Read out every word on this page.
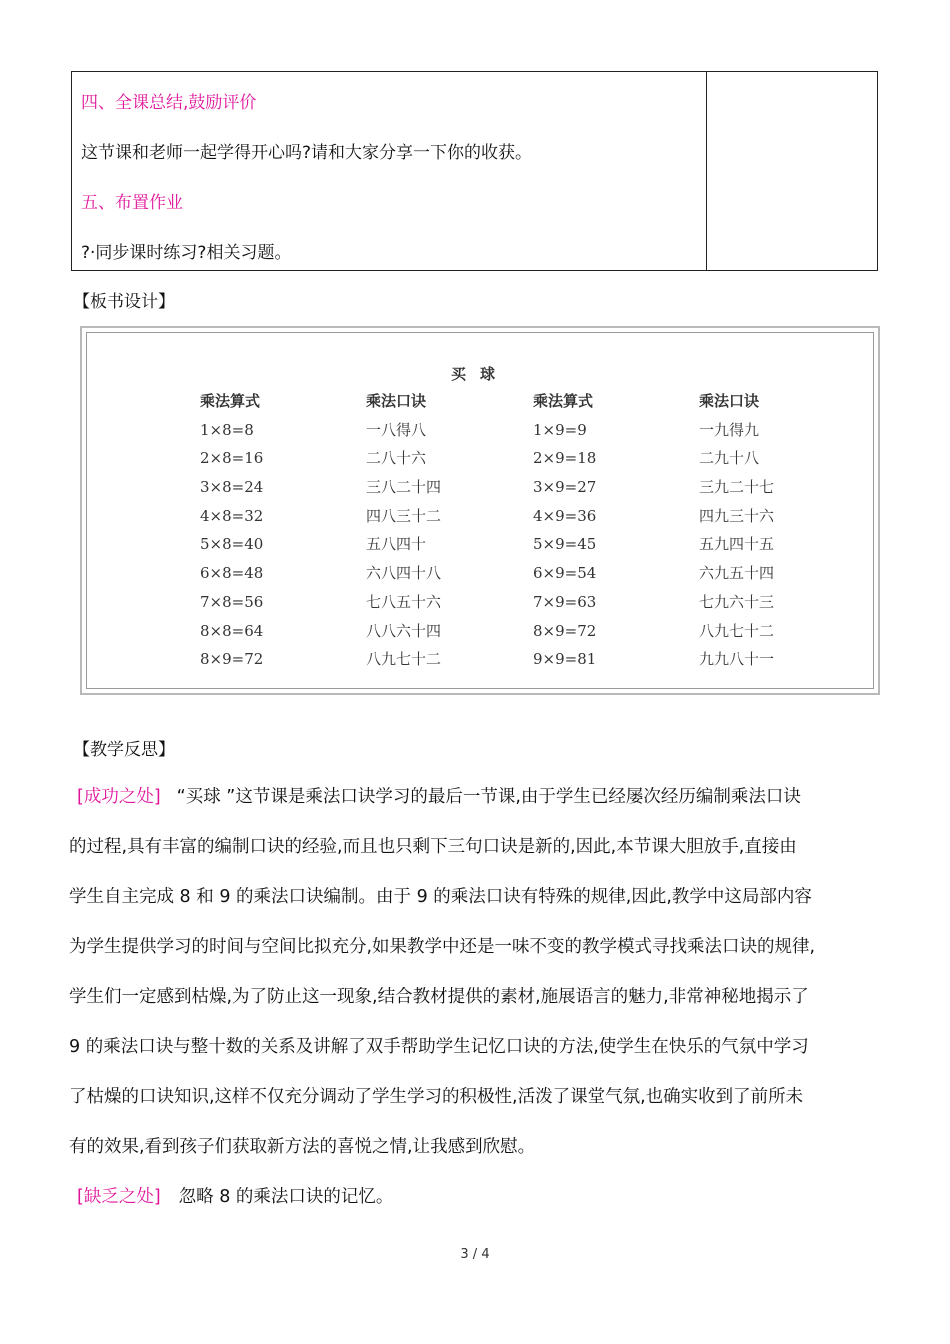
四、全课总结,鼓励评价
这节课和老师一起学得开心吗?请和大家分享一下你的收获。
五、布置作业
?·同步课时练习?相关习题。
【板书设计】
买球
乘法算式
1×8=8
2×8=16
3×8=24
4×8=32
5×8=40
6×8=48
7×8=56
8×8=64
8×9=72
乘法口诀
一八得八
二八十六
三八二十四
四八三十二
五八四十
六八四十八
七八五十六
八八六十四
八九七十二
乘法算式
1×9=9
2×9=18
3×9=27
4×9=36
5×9=45
6×9=54
7×9=63
8×9=72
9×9=81
乘法口诀
一九得九
二九十八
三九二十七
四九三十六
五九四十五
六九五十四
七九六十三
八九七十二
九九八十一
【教学反思】
[成功之处] “买球 ”这节课是乘法口诀学习的最后一节课,由于学生已经屡次经历编制乘法口诀
的过程,具有丰富的编制口诀的经验,而且也只剩下三句口诀是新的,因此,本节课大胆放手,直接由
学生自主完成 8 和 9 的乘法口诀编制。由于 9 的乘法口诀有特殊的规律,因此,教学中这局部内容
为学生提供学习的时间与空间比拟充分,如果教学中还是一味不变的教学模式寻找乘法口诀的规律,
学生们一定感到枯燥,为了防止这一现象,结合教材提供的素材,施展语言的魅力,非常神秘地揭示了
9 的乘法口诀与整十数的关系及讲解了双手帮助学生记忆口诀的方法,使学生在快乐的气氛中学习
了枯燥的口诀知识,这样不仅充分调动了学生学习的积极性,活泼了课堂气氛,也确实收到了前所未
有的效果,看到孩子们获取新方法的喜悦之情,让我感到欣慰。
[缺乏之处] 忽略 8 的乘法口诀的记忆。
3 / 4
